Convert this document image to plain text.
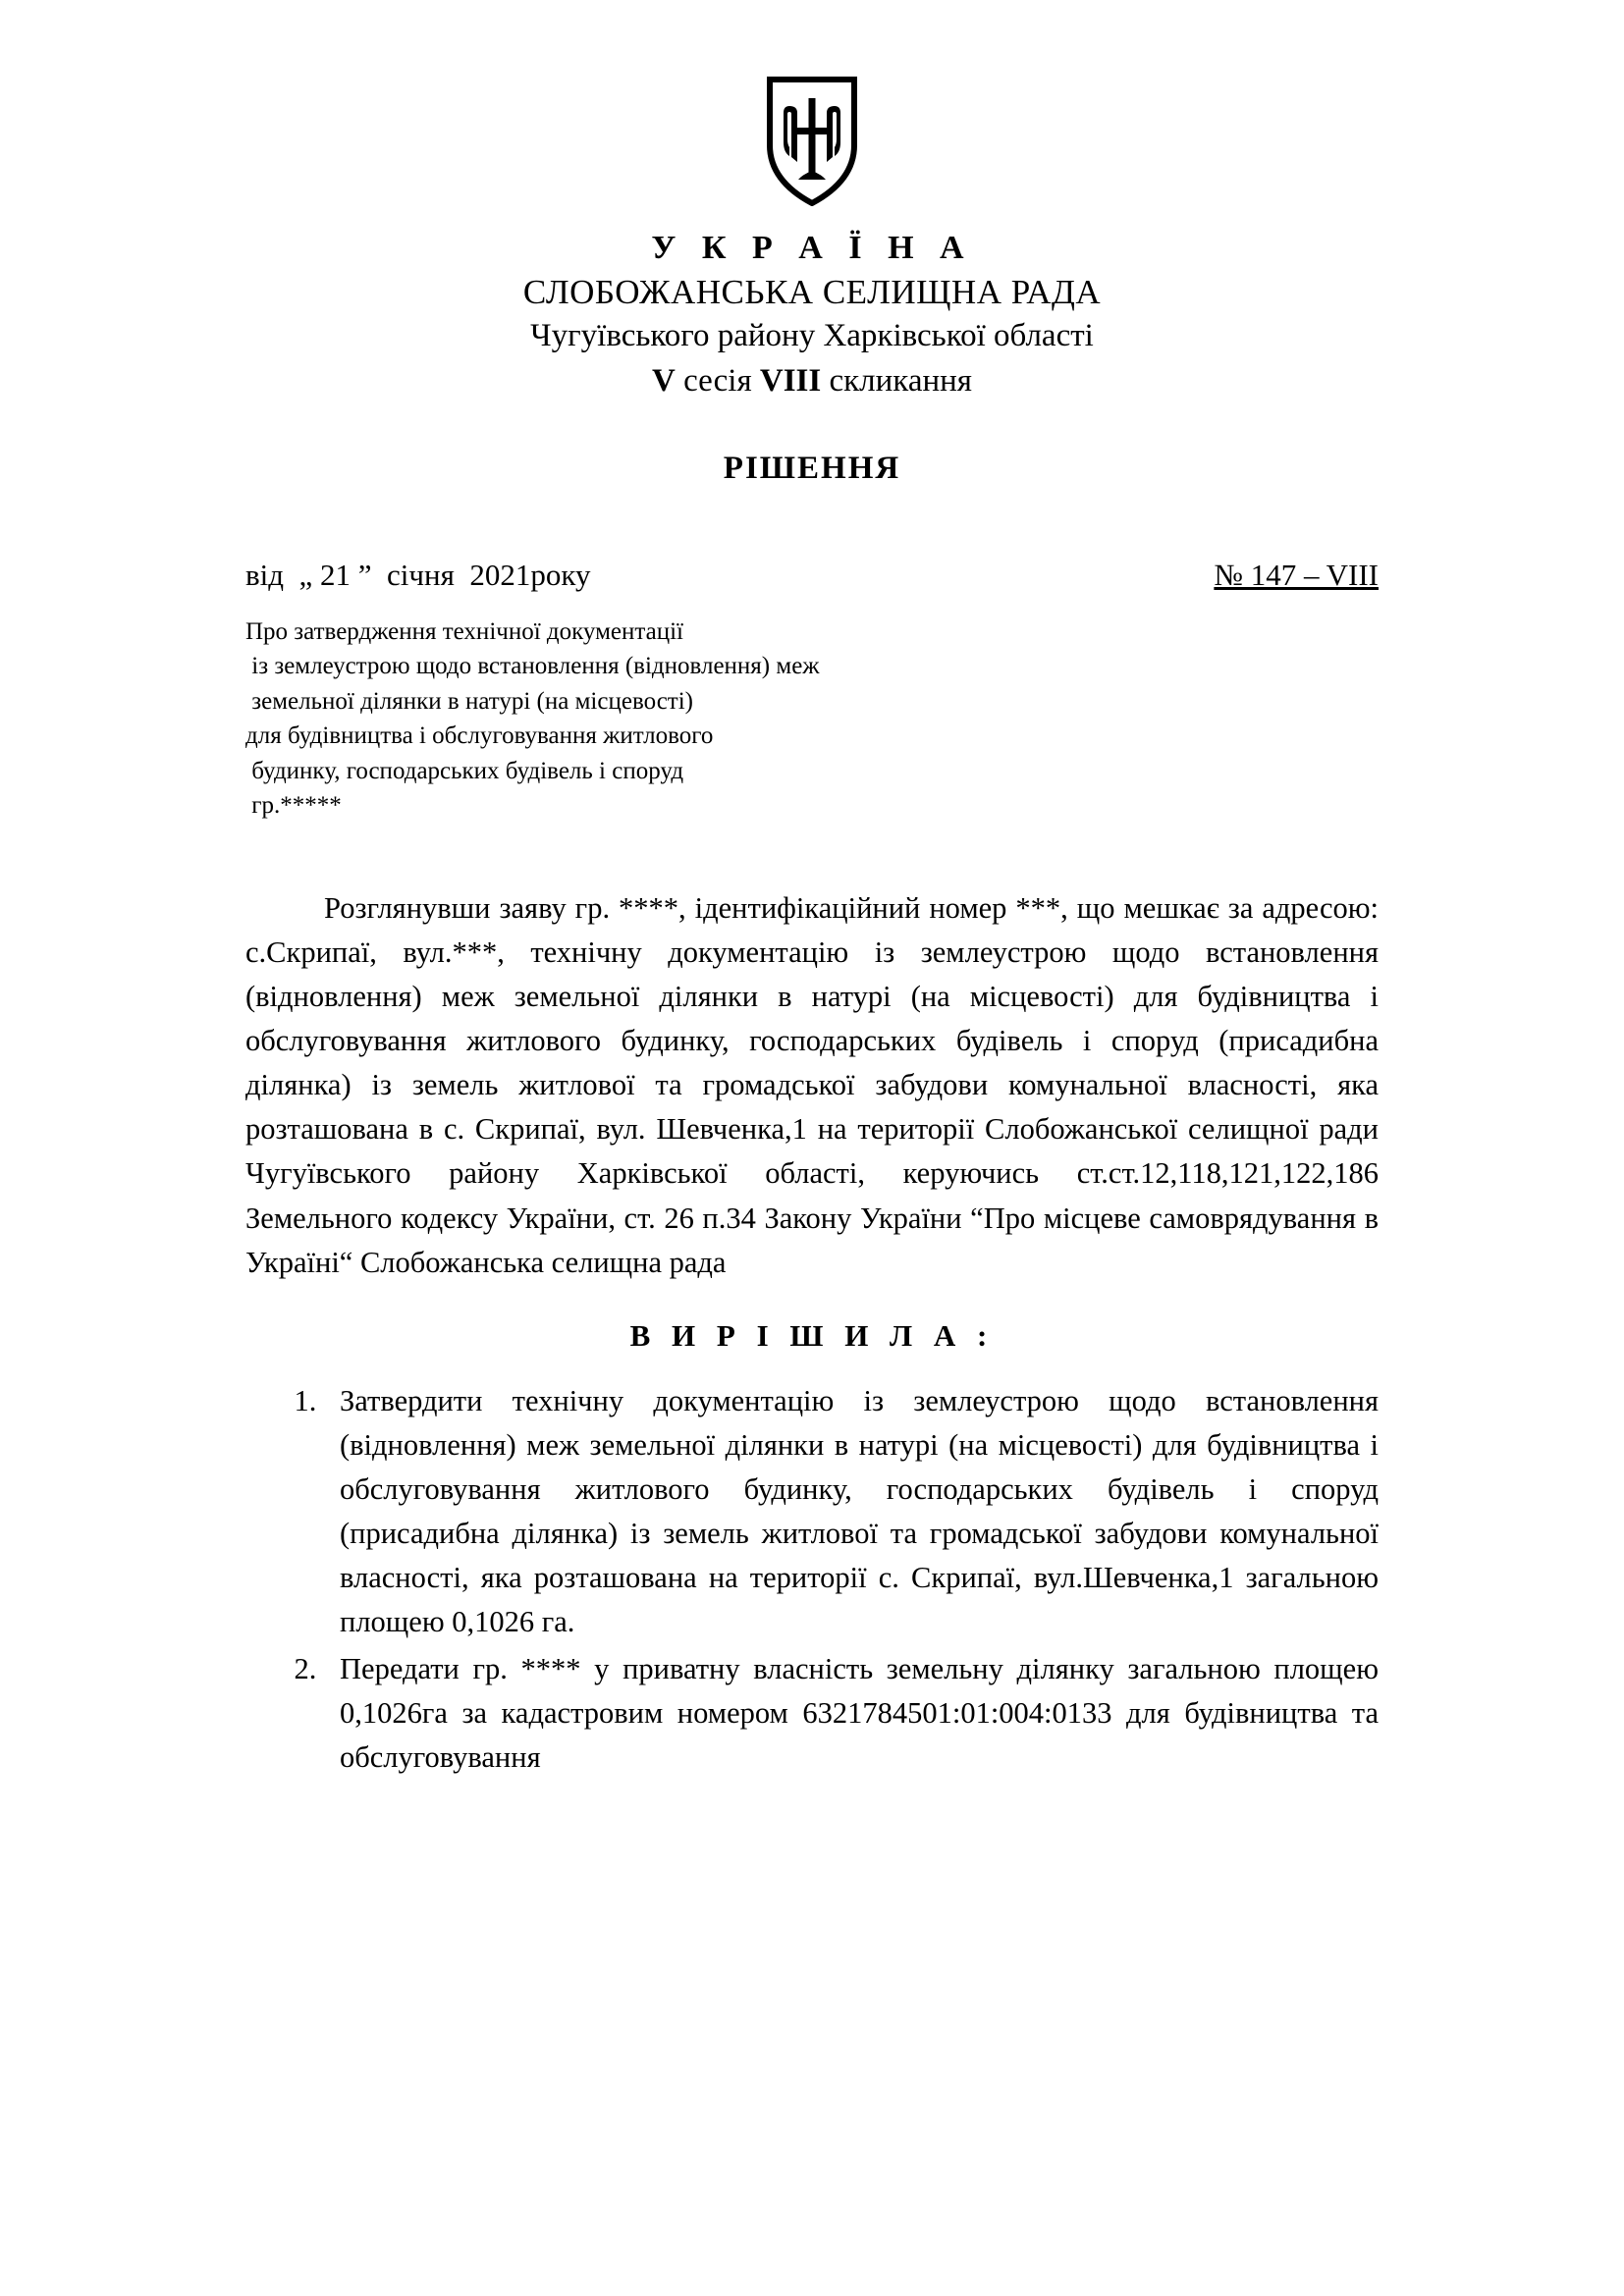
У К Р А Ї Н А
СЛОБОЖАНСЬКА СЕЛИЩНА РАДА
Чугуївського району Харківської області
V сесія VIII скликання
РІШЕННЯ
від  „ 21 ”  січня  2021року	№ 147 – VIII
Про затвердження технічної документації
із землеустрою щодо встановлення (відновлення) меж
земельної ділянки в натурі (на місцевості)
для будівництва і обслуговування житлового
будинку, господарських будівель і споруд
гр.*****

Розглянувши заяву гр. ****, ідентифікаційний номер ***, що мешкає за адресою: с.Скрипаї, вул.***, технічну документацію із землеустрою щодо встановлення (відновлення) меж земельної ділянки в натурі (на місцевості) для будівництва і обслуговування житлового будинку, господарських будівель і споруд (присадибна ділянка) із земель житлової та громадської забудови комунальної власності, яка розташована в с. Скрипаї, вул. Шевченка,1 на території Слобожанської селищної ради Чугуївського району Харківської області, керуючись ст.ст.12,118,121,122,186 Земельного кодексу України, ст. 26 п.34 Закону України “Про місцеве самоврядування в Україні“ Слобожанська селищна рада

В И Р І Ш И Л А :
1. Затвердити технічну документацію із землеустрою щодо встановлення (відновлення) меж земельної ділянки в натурі (на місцевості) для будівництва і обслуговування житлового будинку, господарських будівель і споруд (присадибна ділянка) із земель житлової та громадської забудови комунальної власності, яка розташована на території с. Скрипаї, вул.Шевченка,1 загальною площею 0,1026 га.
2. Передати гр. **** у приватну власність земельну ділянку загальною площею 0,1026га за кадастровим номером 6321784501:01:004:0133 для будівництва та обслуговування
